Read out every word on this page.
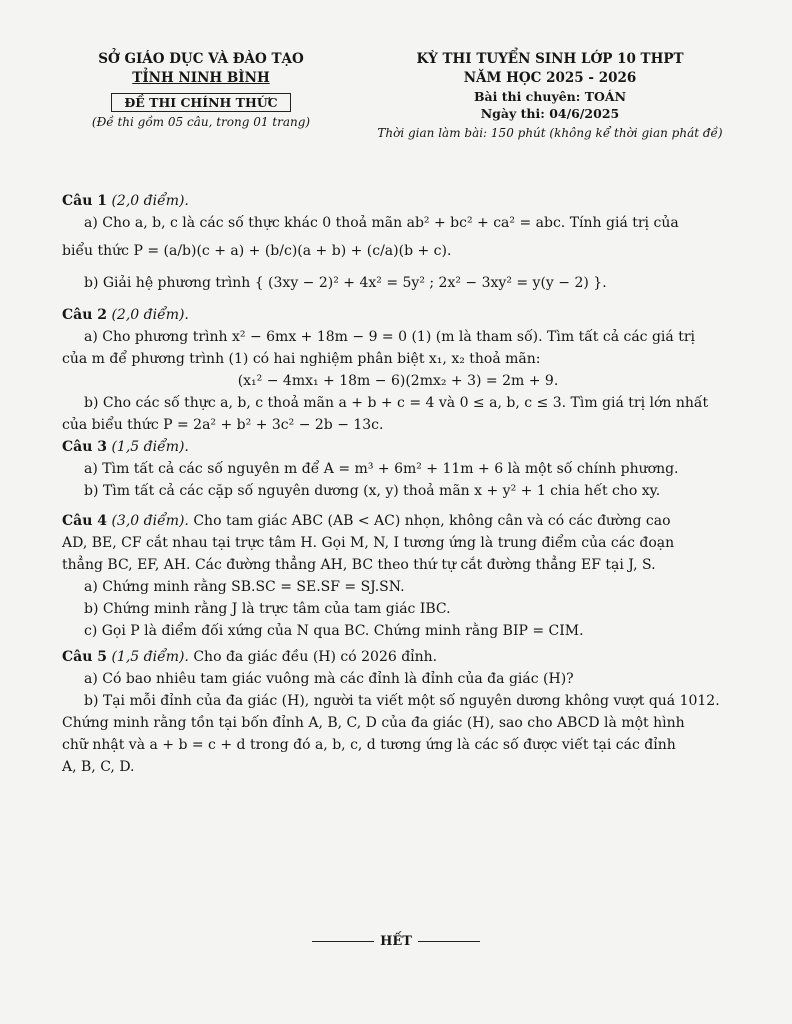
SỞ GIÁO DỤC VÀ ĐÀO TẠO
TỈNH NINH BÌNH
ĐỀ THI CHÍNH THỨC
(Đề thi gồm 05 câu, trong 01 trang)
KỲ THI TUYỂN SINH LỚP 10 THPT
NĂM HỌC 2025 - 2026
Bài thi chuyên: TOÁN
Ngày thi: 04/6/2025
Thời gian làm bài: 150 phút (không kể thời gian phát đề)

Câu 1 (2,0 điểm).

a) Cho a, b, c là các số thực khác 0 thoả mãn ab² + bc² + ca² = abc. Tính giá trị của

biểu thức P = (a/b)(c + a) + (b/c)(a + b) + (c/a)(b + c).

b) Giải hệ phương trình { (3xy − 2)² + 4x² = 5y² ; 2x² − 3xy² = y(y − 2) }.

Câu 2 (2,0 điểm).

a) Cho phương trình x² − 6mx + 18m − 9 = 0 (1) (m là tham số). Tìm tất cả các giá trị

của m để phương trình (1) có hai nghiệm phân biệt x₁, x₂ thoả mãn:

(x₁² − 4mx₁ + 18m − 6)(2mx₂ + 3) = 2m + 9.

b) Cho các số thực a, b, c thoả mãn a + b + c = 4 và 0 ≤ a, b, c ≤ 3. Tìm giá trị lớn nhất

của biểu thức P = 2a² + b² + 3c² − 2b − 13c.

Câu 3 (1,5 điểm).

a) Tìm tất cả các số nguyên m để A = m³ + 6m² + 11m + 6 là một số chính phương.

b) Tìm tất cả các cặp số nguyên dương (x, y) thoả mãn x + y² + 1 chia hết cho xy.

Câu 4 (3,0 điểm). Cho tam giác ABC (AB < AC) nhọn, không cân và có các đường cao

AD, BE, CF cắt nhau tại trực tâm H. Gọi M, N, I tương ứng là trung điểm của các đoạn

thẳng BC, EF, AH. Các đường thẳng AH, BC theo thứ tự cắt đường thẳng EF tại J, S.

a) Chứng minh rằng SB.SC = SE.SF = SJ.SN.

b) Chứng minh rằng J là trực tâm của tam giác IBC.

c) Gọi P là điểm đối xứng của N qua BC. Chứng minh rằng BIP = CIM.

Câu 5 (1,5 điểm). Cho đa giác đều (H) có 2026 đỉnh.

a) Có bao nhiêu tam giác vuông mà các đỉnh là đỉnh của đa giác (H)?

b) Tại mỗi đỉnh của đa giác (H), người ta viết một số nguyên dương không vượt quá 1012.

Chứng minh rằng tồn tại bốn đỉnh A, B, C, D của đa giác (H), sao cho ABCD là một hình

chữ nhật và a + b = c + d trong đó a, b, c, d tương ứng là các số được viết tại các đỉnh

A, B, C, D.

HẾT
